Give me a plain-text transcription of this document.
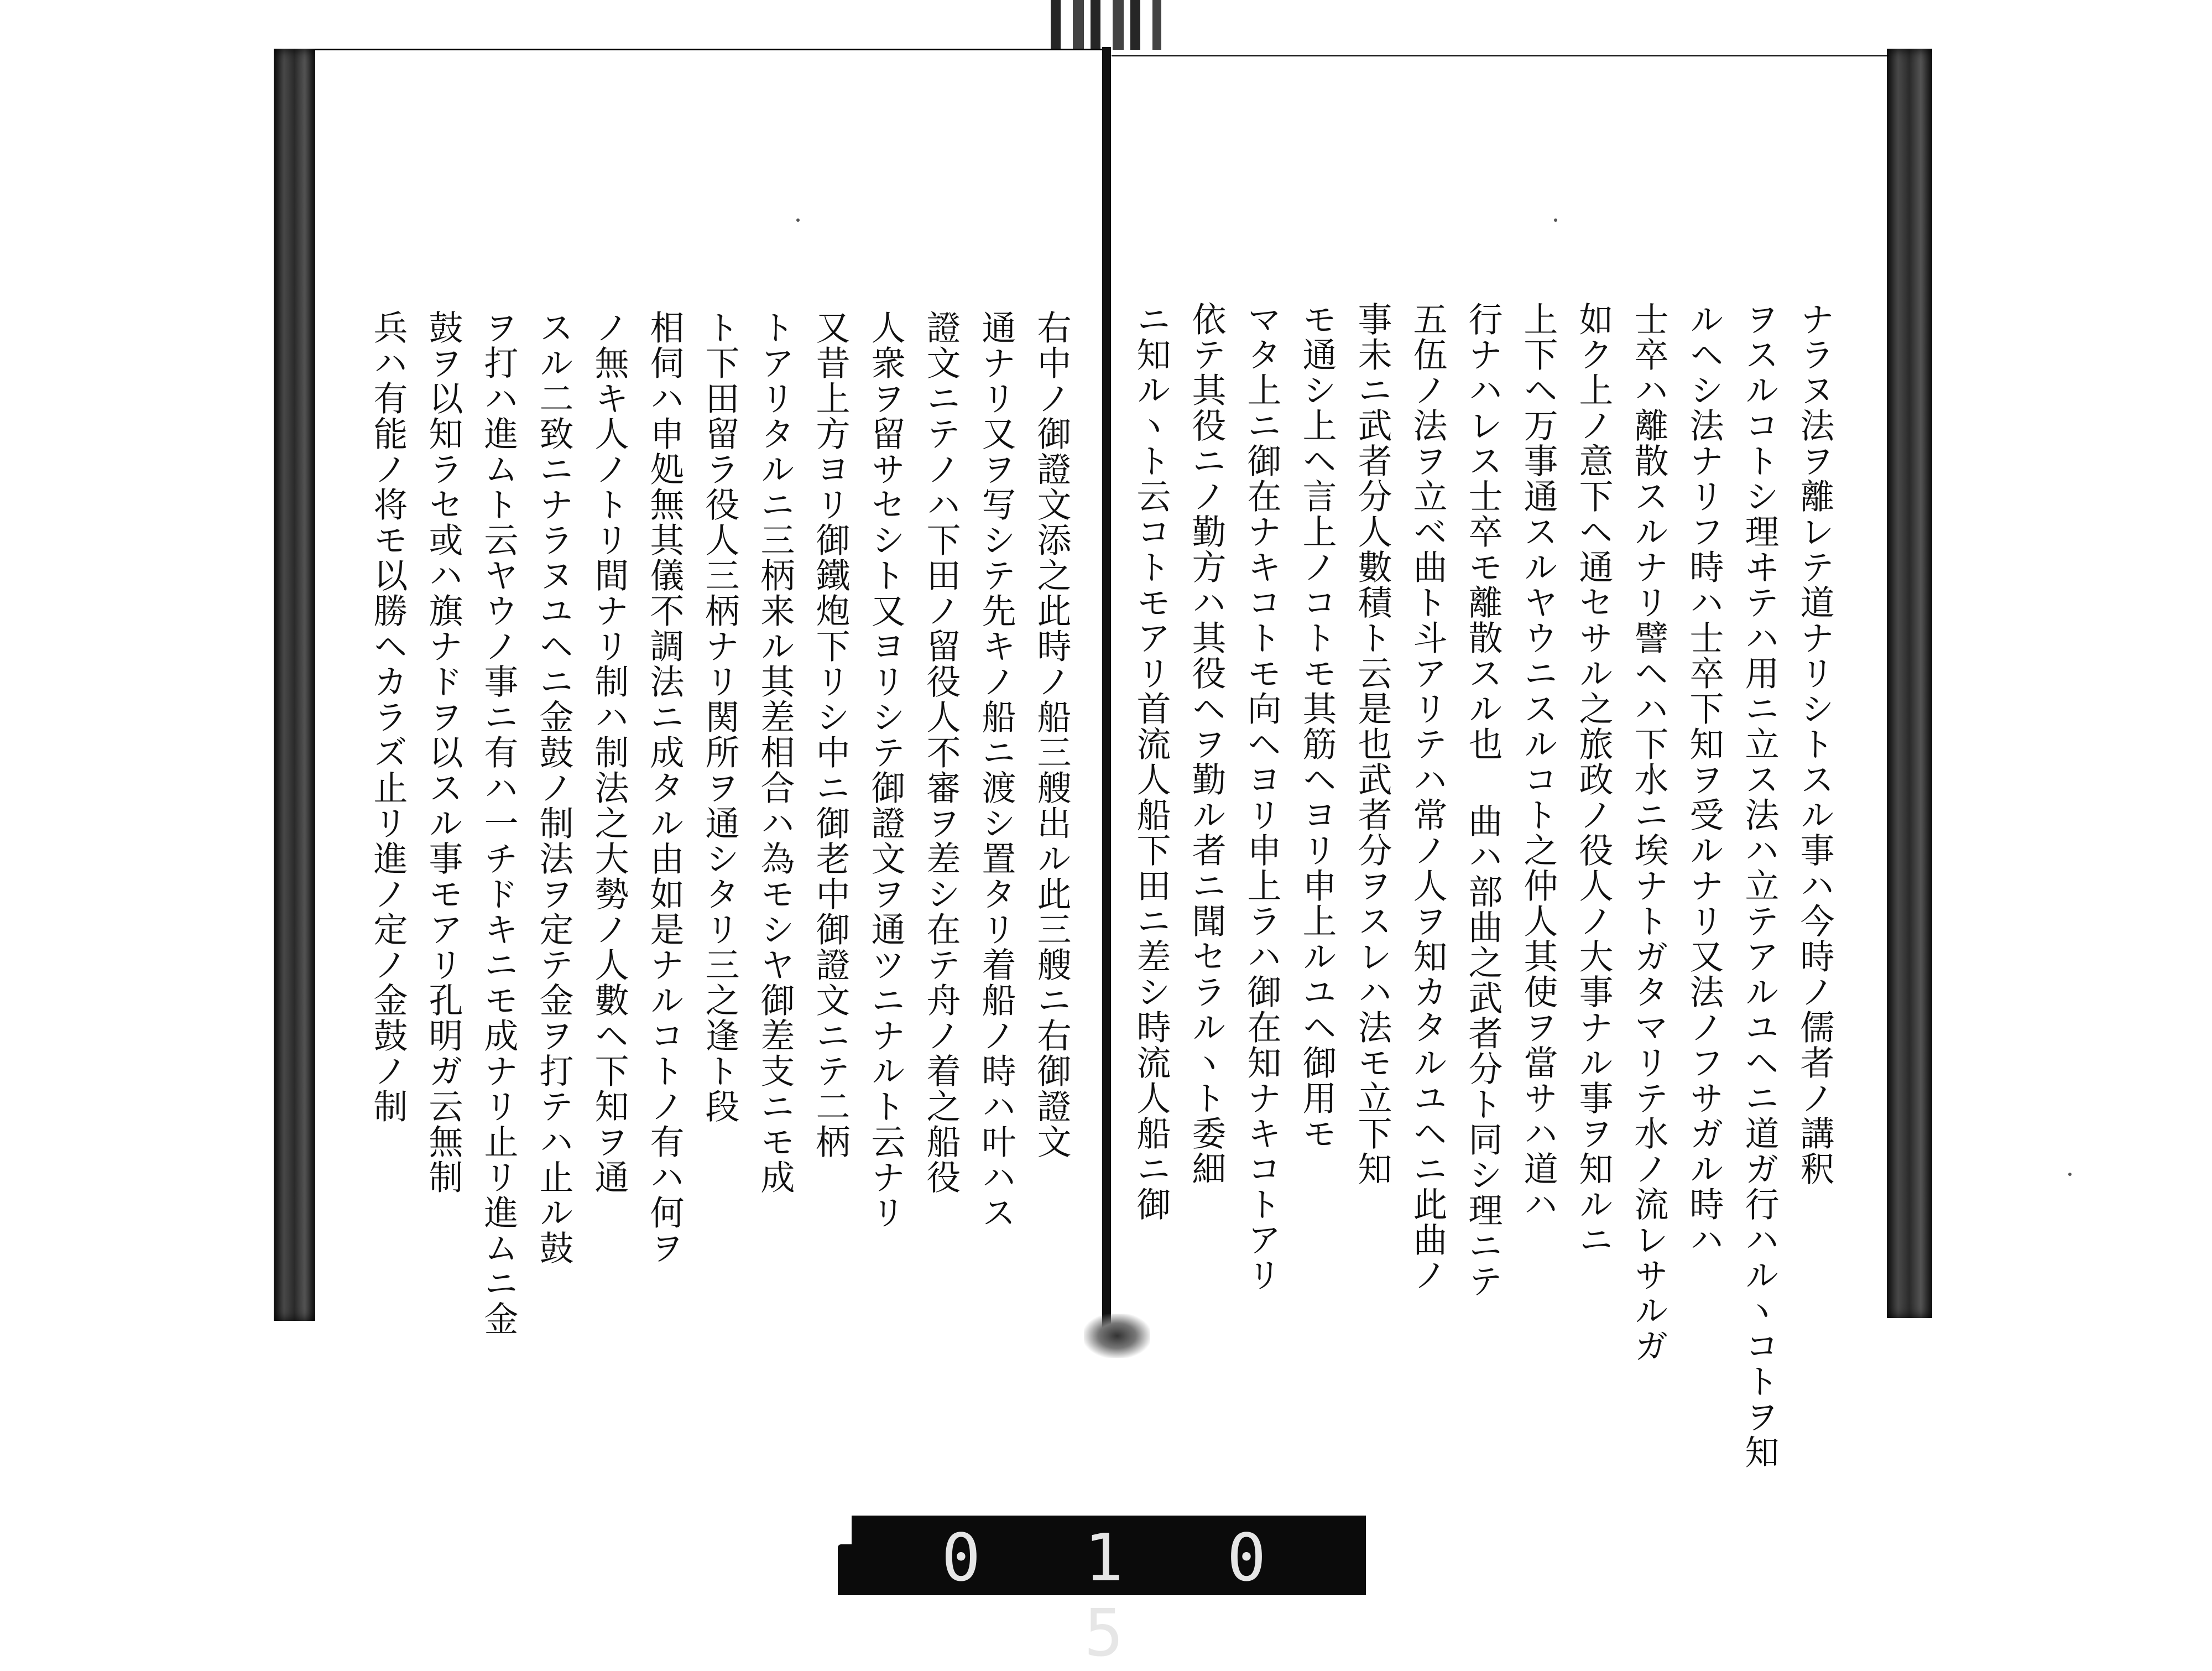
右中ノ御證文添之此時ノ船三艘出ル此三艘ニ右御證文
通ナリ又ヲ写シテ先キノ船ニ渡シ置タリ着船ノ時ハ叶ハス
證文ニテノハ下田ノ留役人不審ヲ差シ在テ舟ノ着之船役
人衆ヲ留サセシト又ヨリシテ御證文ヲ通ツニナルト云ナリ
又昔上方ヨリ御鐵炮下リシ中ニ御老中御證文ニテ二柄
トアリタルニ三柄来ル其差相合ハ為モシヤ御差支ニモ成
ト下田留ラ役人三柄ナリ関所ヲ通シタリ三之逢ト段
相伺ハ申処無其儀不調法ニ成タル由如是ナルコトノ有ハ何ヲ
ノ無キ人ノトリ間ナリ制ハ制法之大勢ノ人數ヘ下知ヲ通
スル二致ニナラヌユヘニ金鼓ノ制法ヲ定テ金ヲ打テハ止ル鼓
ヲ打ハ進ムト云ヤウノ事ニ有ハ一チドキニモ成ナリ止リ進ムニ金
鼓ヲ以知ラセ或ハ旗ナドヲ以スル事モアリ孔明ガ云無制
兵ハ有能ノ将モ以勝ヘカラズ止リ進ノ定ノ金鼓ノ制	ナラヌ法ヲ離レテ道ナリシトスル事ハ今時ノ儒者ノ講釈
ヲスルコトシ理ヰテハ用ニ立ス法ハ立テアルユヘニ道ガ行ハルヽコトヲ知
ルヘシ法ナリフ時ハ士卒下知ヲ受ルナリ又法ノフサガル時ハ
士卒ハ離散スルナリ譬ヘハ下水ニ埃ナトガタマリテ水ノ流レサルガ
如ク上ノ意下ヘ通セサル之旅政ノ役人ノ大事ナル事ヲ知ルニ
上下ヘ万事通スルヤウニスルコト之仲人其使ヲ當サハ道ハ
行ナハレス士卒モ離散スル也 曲ハ部曲之武者分ト同シ理ニテ
五伍ノ法ヲ立ベ曲ト斗アリテハ常ノ人ヲ知カタルユヘニ此曲ノ
事未ニ武者分人數積ト云是也武者分ヲスレハ法モ立下知
モ通シ上ヘ言上ノコトモ其筋ヘヨリ申上ルユヘ御用モ
マタ上ニ御在ナキコトモ向ヘヨリ申上ラハ御在知ナキコトアリ
依テ其役ニノ勤方ハ其役ヘヲ勤ル者ニ聞セラルヽト委細
ニ知ルヽト云コトモアリ首流人船下田ニ差シ時流人船ニ御
0 1 0 5
